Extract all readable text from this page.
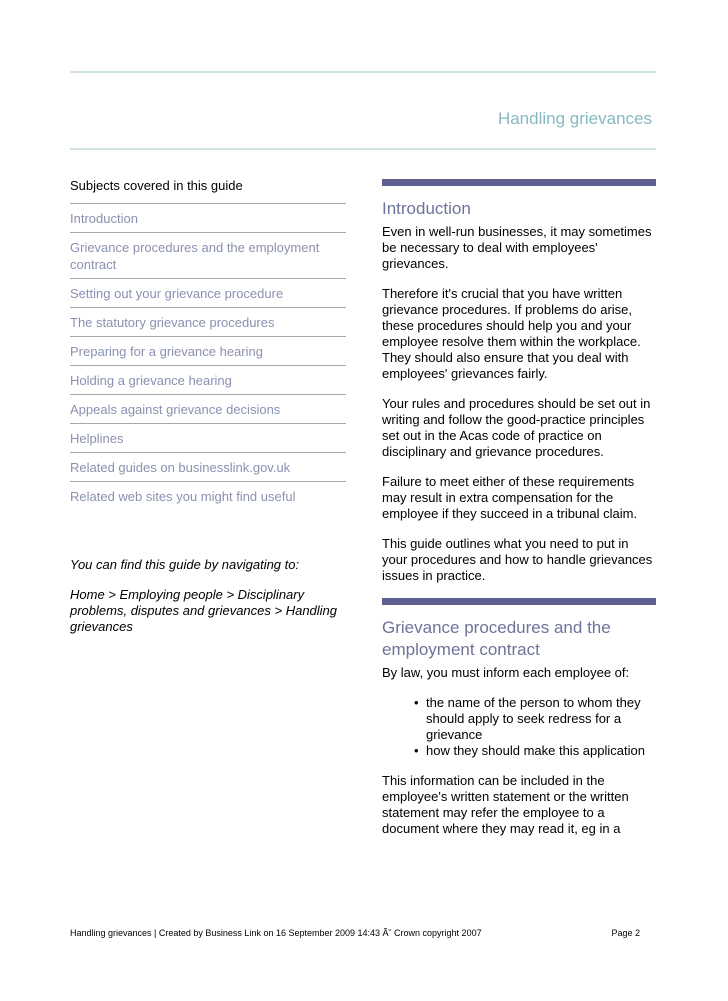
Handling grievances
Subjects covered in this guide
Introduction
Grievance procedures and the employment contract
Setting out your grievance procedure
The statutory grievance procedures
Preparing for a grievance hearing
Holding a grievance hearing
Appeals against grievance decisions
Helplines
Related guides on businesslink.gov.uk
Related web sites you might find useful

You can find this guide by navigating to:

Home > Employing people > Disciplinary problems, disputes and grievances > Handling grievances

Introduction

Even in well-run businesses, it may sometimes be necessary to deal with employees' grievances.

Therefore it's crucial that you have written grievance procedures. If problems do arise, these procedures should help you and your employee resolve them within the workplace. They should also ensure that you deal with employees' grievances fairly.

Your rules and procedures should be set out in writing and follow the good-practice principles set out in the Acas code of practice on disciplinary and grievance procedures.

Failure to meet either of these requirements may result in extra compensation for the employee if they succeed in a tribunal claim.

This guide outlines what you need to put in your procedures and how to handle grievances issues in practice.

Grievance procedures and the employment contract

By law, you must inform each employee of:

• the name of the person to whom they should apply to seek redress for a grievance
• how they should make this application

This information can be included in the employee's written statement or the written statement may refer the employee to a document where they may read it, eg in a

Handling grievances | Created by Business Link on 16 September 2009 14:43 Ã˘ Crown copyright 2007	Page 2
